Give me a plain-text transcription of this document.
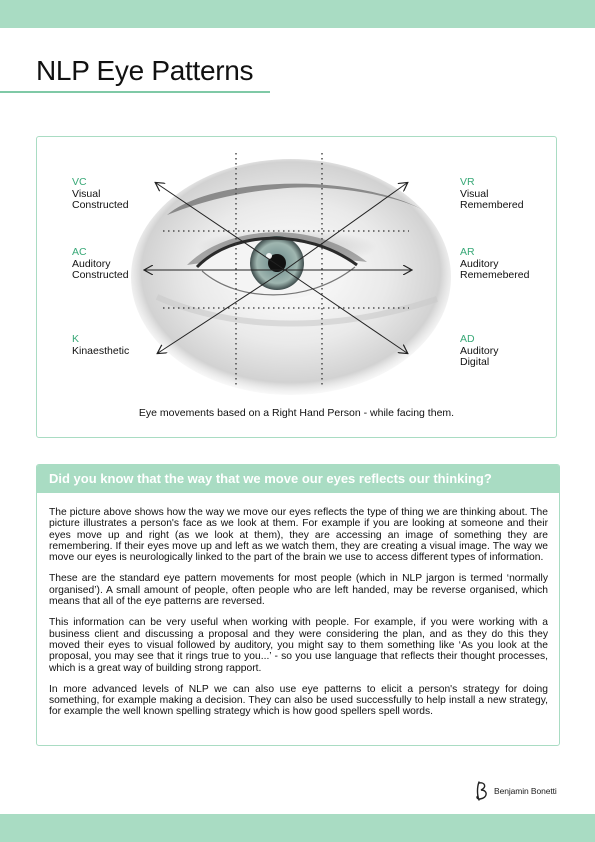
NLP Eye Patterns
VC
Visual
Constructed
AC
Auditory
Constructed
K
Kinaesthetic
VR
Visual
Remembered
AR
Auditory
Rememebered
AD
Auditory
Digital
Eye movements based on a Right Hand Person - while facing them.
Did you know that the way that we move our eyes reflects our thinking?

The picture above shows how the way we move our eyes reflects the type of thing we are thinking about. The picture illustrates a person's face as we look at them. For example if you are looking at someone and their eyes move up and right (as we look at them), they are accessing an image of something they are remembering. If their eyes move up and left as we watch them, they are creating a visual image. The way we move our eyes is neurologically linked to the part of the brain we use to access different types of information.

These are the standard eye pattern movements for most people (which in NLP jargon is termed ‘normally organised’). A small amount of people, often people who are left handed, may be reverse organised, which means that all of the eye patterns are reversed.

This information can be very useful when working with people. For example, if you were working with a business client and discussing a proposal and they were considering the plan, and as they do this they moved their eyes to visual followed by auditory, you might say to them something like ‘As you look at the proposal, you may see that it rings true to you...’ - so you use language that reflects their thought processes, which is a great way of building strong rapport.

In more advanced levels of NLP we can also use eye patterns to elicit a person's strategy for doing something, for example making a decision. They can also be used successfully to help install a new strategy, for example the well known spelling strategy which is how good spellers spell words.

Benjamin Bonetti
